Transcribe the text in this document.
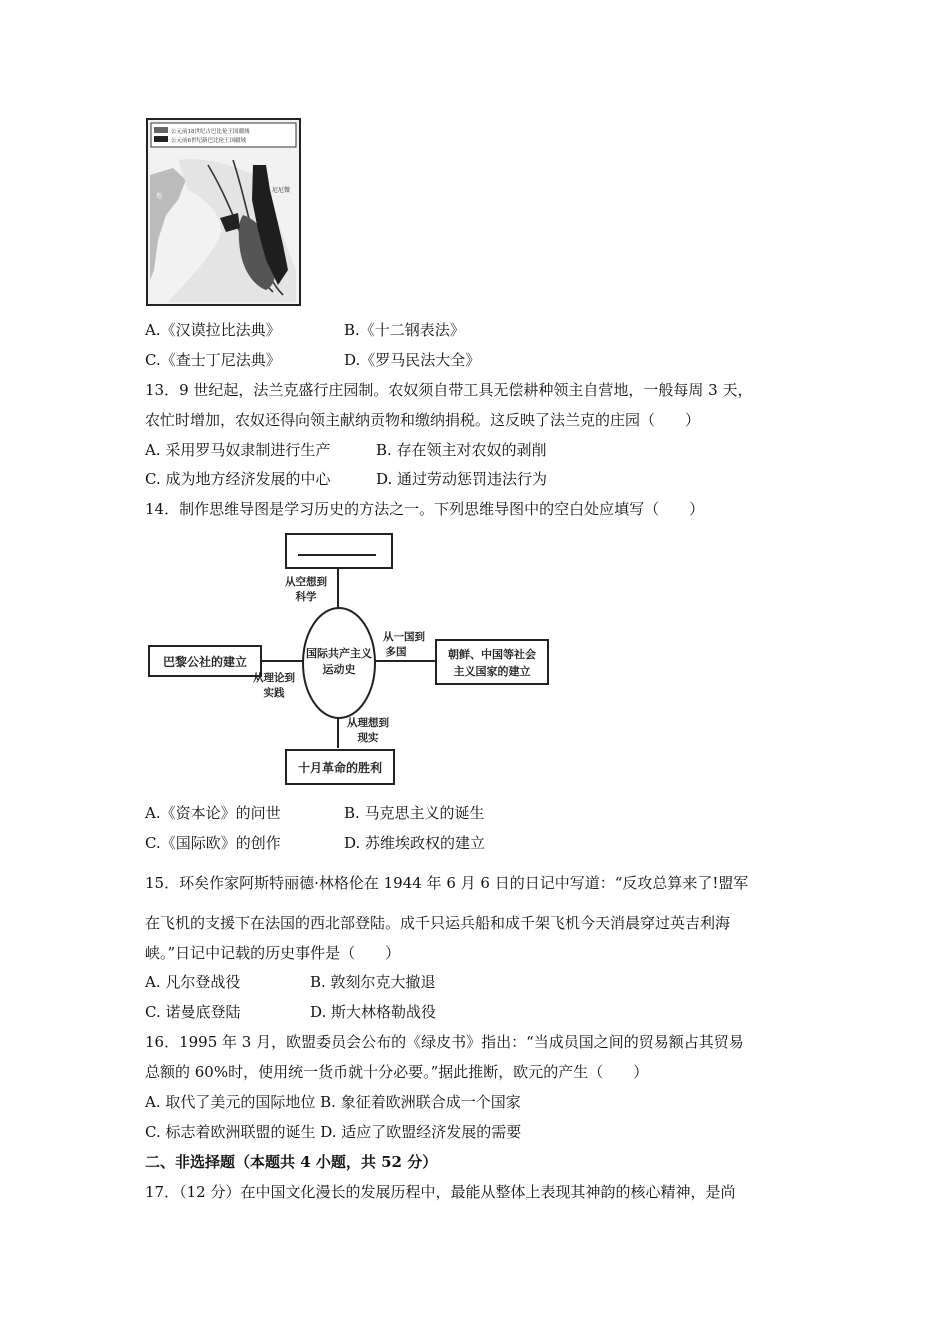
公元前18世纪古巴比伦王国疆域
公元前6世纪新巴比伦王国疆域
尼尼微
地
A.《汉谟拉比法典》	B.《十二钢表法》
C.《查士丁尼法典》	D.《罗马民法大全》
13．9 世纪起，法兰克盛行庄园制。农奴须自带工具无偿耕种领主自营地，一般每周 3 天，
农忙时增加，农奴还得向领主献纳贡物和缴纳捐税。这反映了法兰克的庄园（　　）
A. 采用罗马奴隶制进行生产	B. 存在领主对农奴的剥削
C. 成为地方经济发展的中心	D. 通过劳动惩罚违法行为
14．制作思维导图是学习历史的方法之一。下列思维导图中的空白处应填写（　　）
国际共产主义
运动史
巴黎公社的建立
朝鲜、中国等社会
主义国家的建立
十月革命的胜利
从空想到
科学
从一国到
多国
从理论到
实践
从理想到
现实
A.《资本论》的问世	B. 马克思主义的诞生
C.《国际欧》的创作	D. 苏维埃政权的建立
15．环矣作家阿斯特丽德·林格伦在 1944 年 6 月 6 日的日记中写道：“反攻总算来了!盟军
在飞机的支援下在法国的西北部登陆。成千只运兵船和成千架飞机今天消晨穿过英吉利海
峡。”日记中记载的历史事件是（　　）
A. 凡尔登战役	B. 敦刻尔克大撤退
C. 诺曼底登陆	D. 斯大林格勒战役
16．1995 年 3 月，欧盟委员会公布的《绿皮书》指出：“当成员国之间的贸易额占其贸易
总额的 60%时，使用统一货币就十分必要。”据此推断，欧元的产生（　　）
A. 取代了美元的国际地位 B. 象征着欧洲联合成一个国家
C. 标志着欧洲联盟的诞生 D. 适应了欧盟经济发展的需要
二、非选择题（本题共 4 小题，共 52 分）
17．（12 分）在中国文化漫长的发展历程中，最能从整体上表现其神韵的核心精神，是尚
